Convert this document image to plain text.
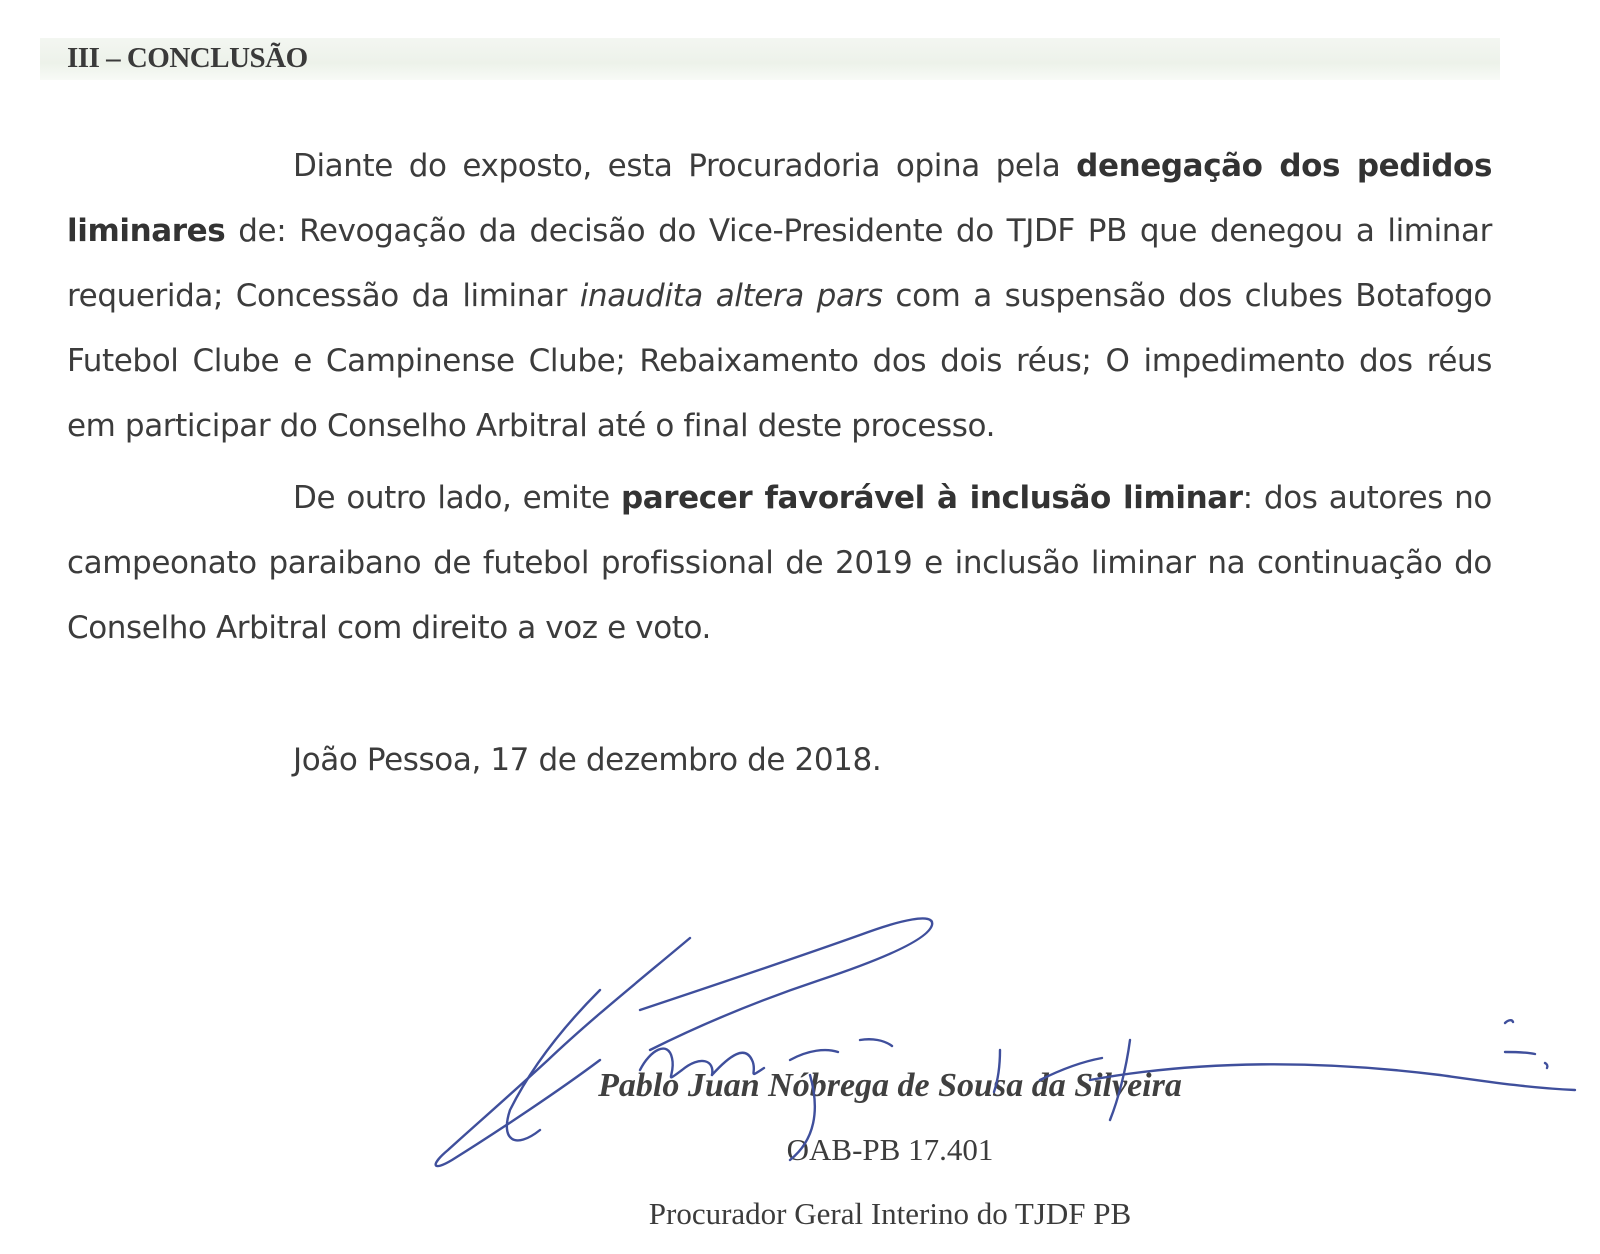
III – CONCLUSÃO

Diante do exposto, esta Procuradoria opina pela denegação dos pedidos liminares de: Revogação da decisão do Vice-Presidente do TJDF PB que denegou a liminar requerida; Concessão da liminar inaudita altera pars com a suspensão dos clubes Botafogo Futebol Clube e Campinense Clube; Rebaixamento dos dois réus; O impedimento dos réus em participar do Conselho Arbitral até o final deste processo.

De outro lado, emite parecer favorável à inclusão liminar: dos autores no campeonato paraibano de futebol profissional de 2019 e inclusão liminar na continuação do Conselho Arbitral com direito a voz e voto.

João Pessoa, 17 de dezembro de 2018.
Pablo Juan Nóbrega de Sousa da Silveira
OAB-PB 17.401
Procurador Geral Interino do TJDF PB
